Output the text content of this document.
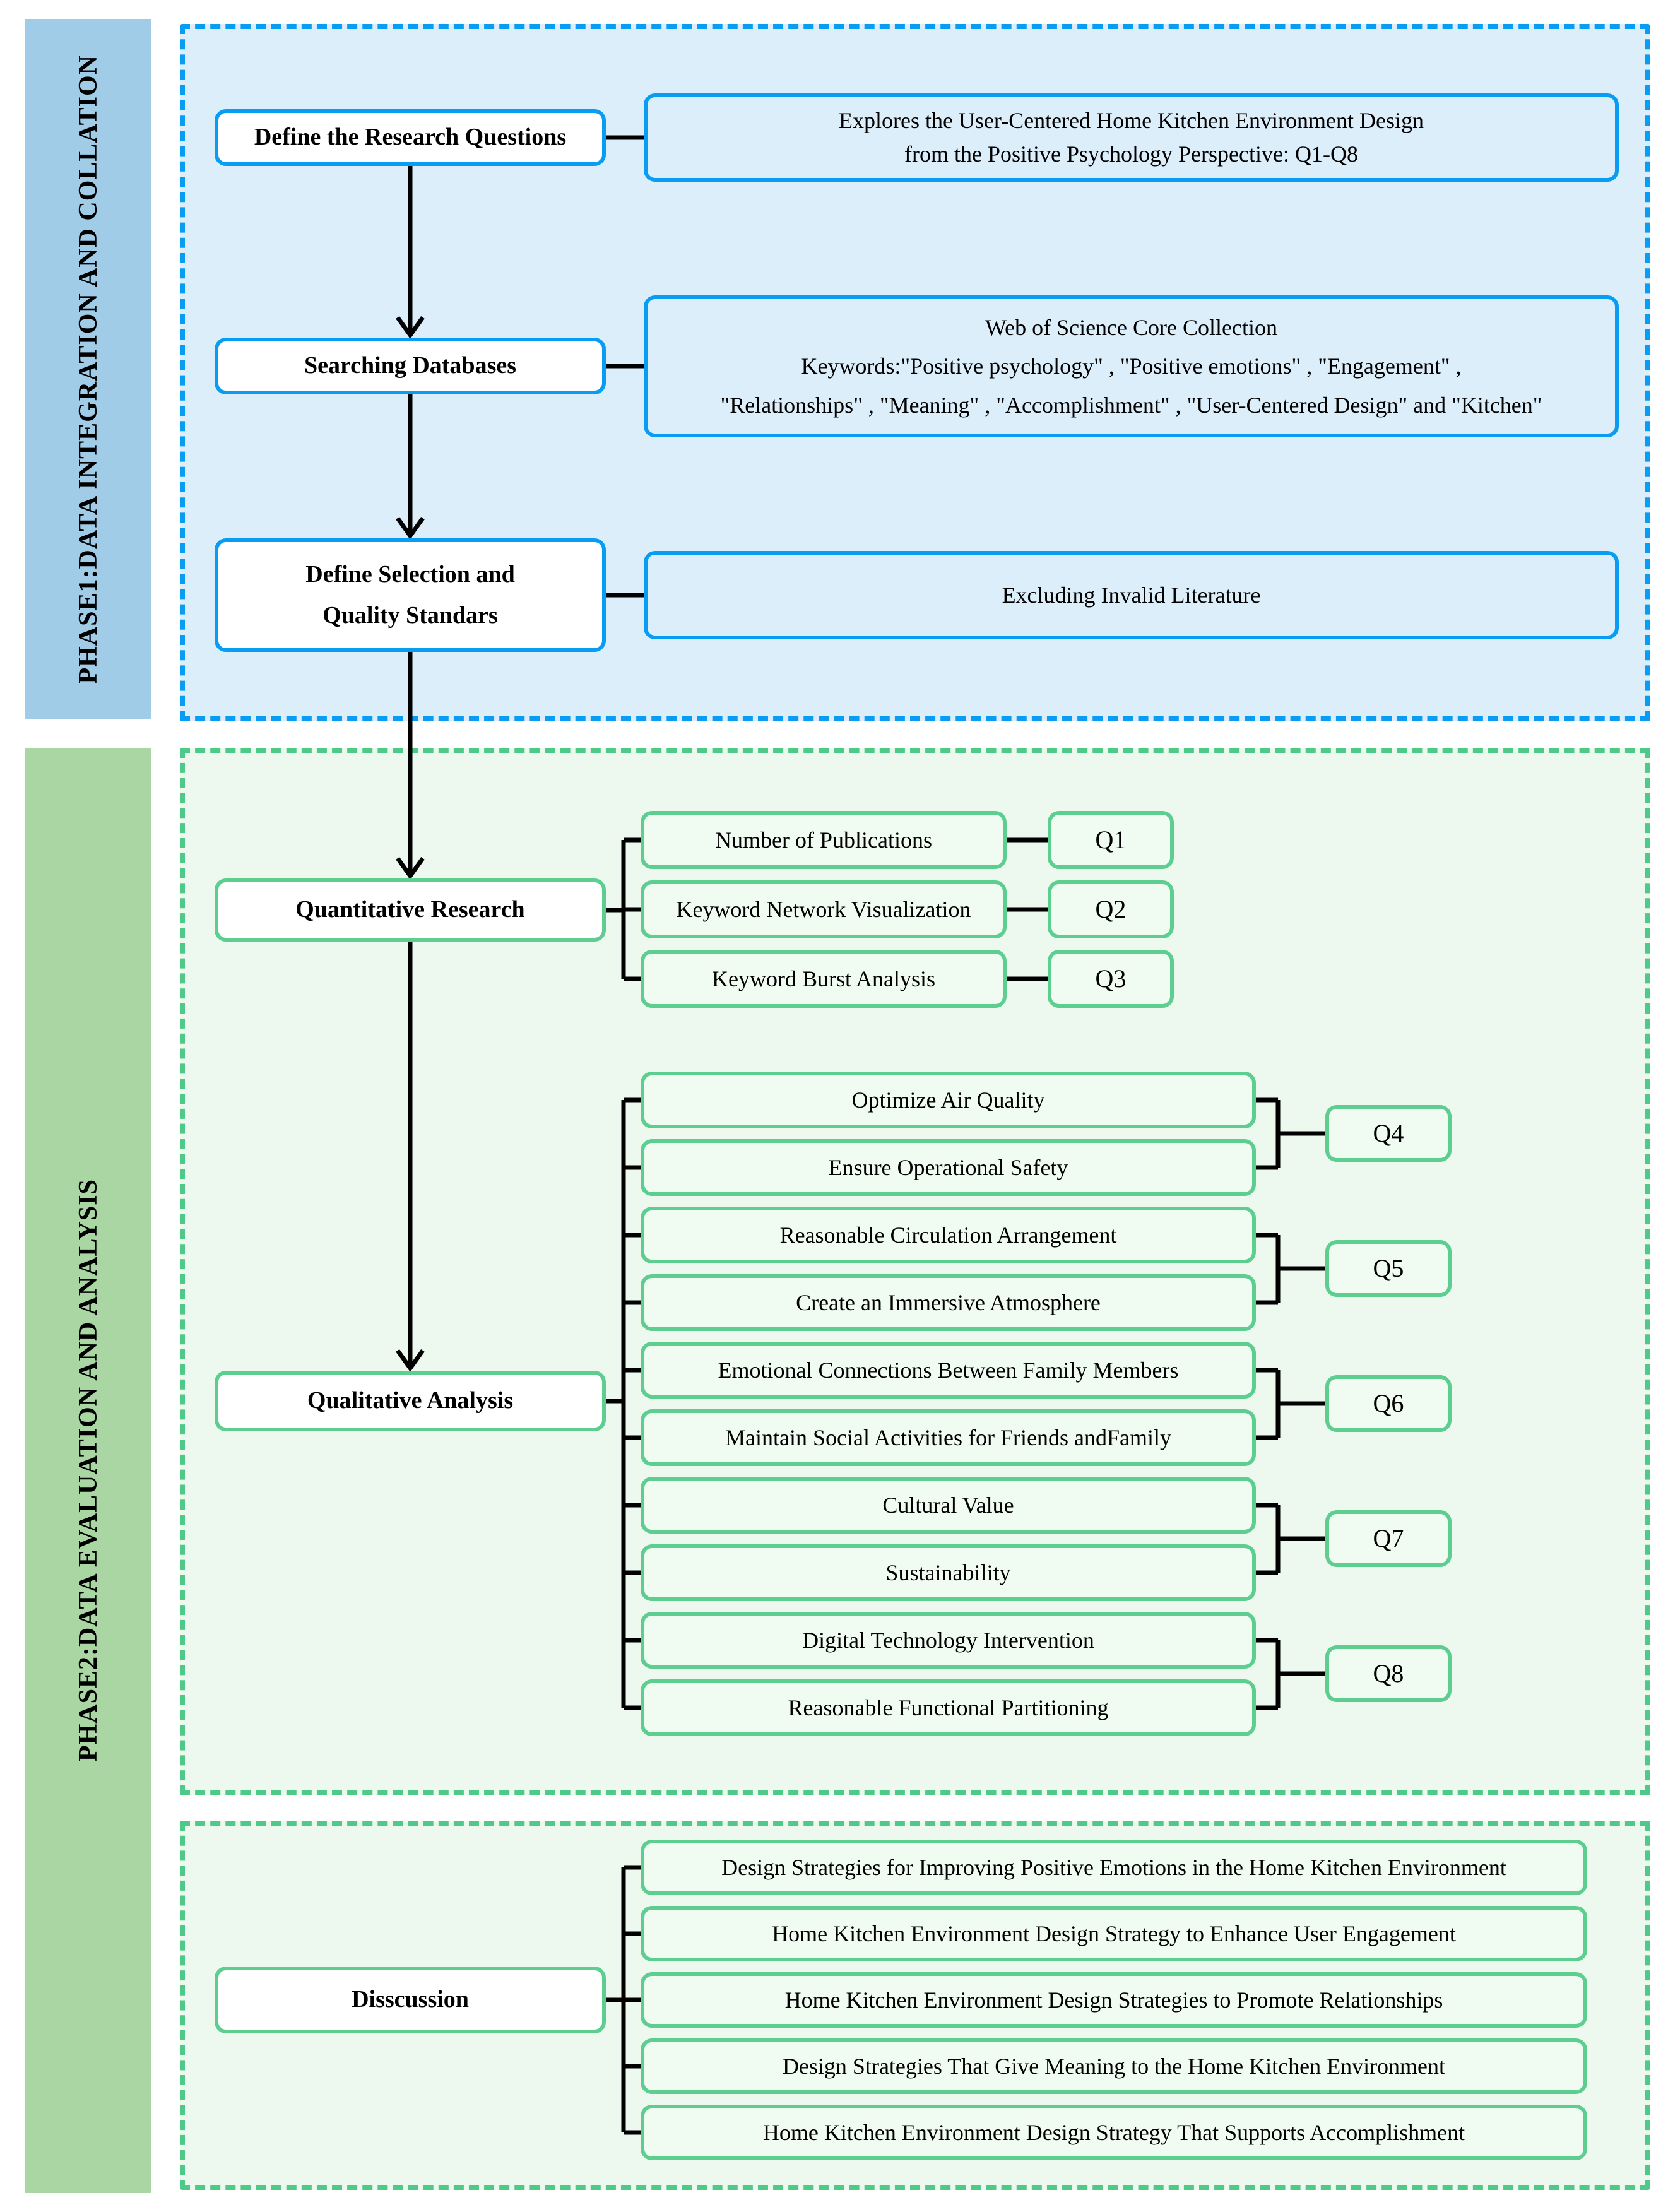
PHASE1:DATA INTEGRATION AND COLLATION
PHASE2:DATA EVALUATION AND ANALYSIS
Define the Research Questions
Explores the User-Centered Home Kitchen Environment Design
from the Positive Psychology Perspective: Q1-Q8
Searching Databases
Web of Science Core Collection
Keywords:"Positive psychology" , "Positive emotions" , "Engagement" ,
"Relationships" , "Meaning" , "Accomplishment" , "User-Centered Design" and "Kitchen"
Define Selection and
Quality Standars
Excluding Invalid Literature
Quantitative Research
Number of Publications	Q1
Keyword Network Visualization	Q2
Keyword Burst Analysis	Q3
Qualitative Analysis
Optimize Air Quality
Ensure Operational Safety
Q4
Reasonable Circulation Arrangement
Create an Immersive Atmosphere
Q5
Emotional Connections Between Family Members
Maintain Social Activities for Friends andFamily
Q6
Cultural Value
Sustainability
Q7
Digital Technology Intervention
Reasonable Functional Partitioning
Q8
Disscussion
Design Strategies for Improving Positive Emotions in the Home Kitchen Environment
Home Kitchen Environment Design Strategy to Enhance User Engagement
Home Kitchen Environment Design Strategies to Promote Relationships
Design Strategies That Give Meaning to the Home Kitchen Environment
Home Kitchen Environment Design Strategy That Supports Accomplishment
